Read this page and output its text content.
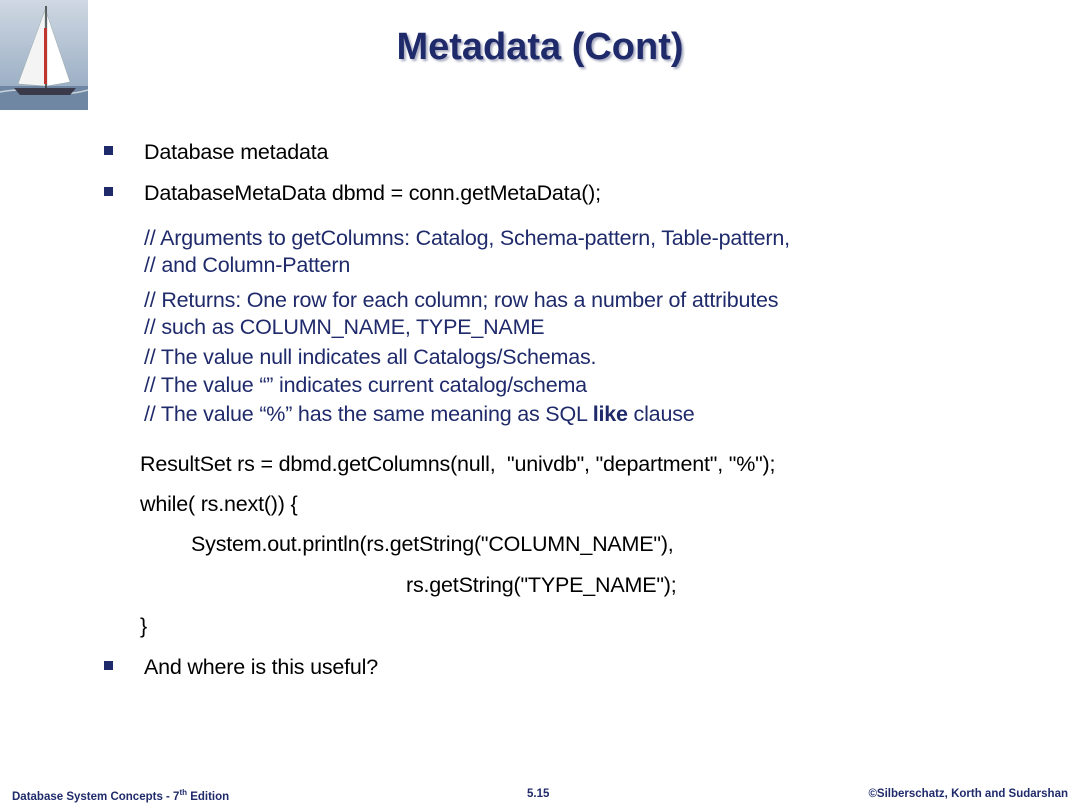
Metadata (Cont)
Database metadata
DatabaseMetaData dbmd = conn.getMetaData();
// Arguments to getColumns: Catalog, Schema-pattern, Table-pattern,
// and Column-Pattern
// Returns: One row for each column; row has a number of attributes
// such as COLUMN_NAME, TYPE_NAME
// The value null indicates all Catalogs/Schemas.
// The value “” indicates current catalog/schema
// The value “%” has the same meaning as SQL like clause
ResultSet rs = dbmd.getColumns(null,  "univdb", "department", "%");
while( rs.next()) {
System.out.println(rs.getString("COLUMN_NAME"),
rs.getString("TYPE_NAME");
}
And where is this useful?
Database System Concepts - 7th Edition	5.15	©Silberschatz, Korth and Sudarshan
